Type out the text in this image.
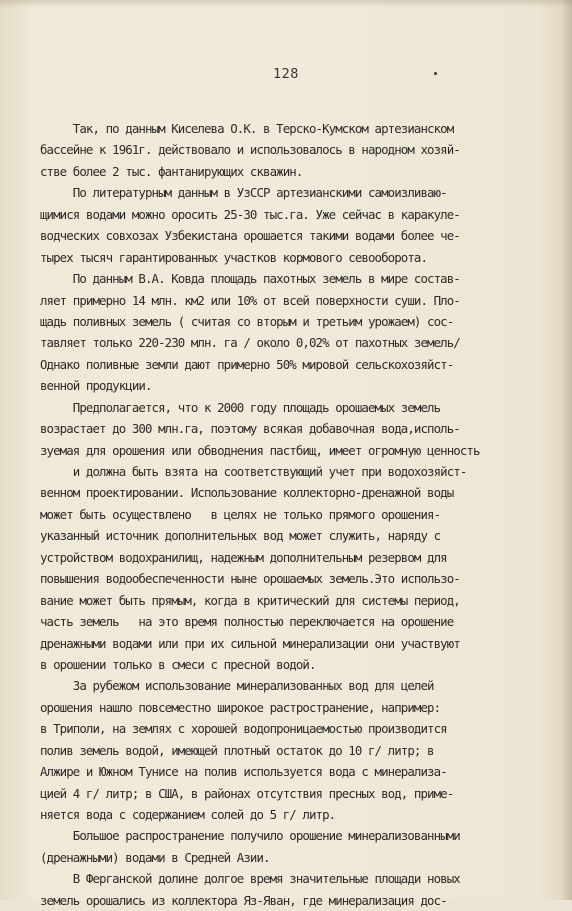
128
Так, по данным Киселева О.К. в Терско-Кумском артезианском
бассейне к 1961г. действовало и использовалось в народном хозяй-
стве более 2 тыс. фантанирующих скважин.
По литературным данным в УзССР артезианскими самоизливаю-
щимися водами можно оросить 25-30 тыс.га. Уже сейчас в каракуле-
водческих совхозах Узбекистана орошается такими водами более че-
тырех тысяч гарантированных участков кормового севооборота.
По данным В.А. Ковда площадь пахотных земель в мире состав-
ляет примерно 14 млн. км2 или 10% от всей поверхности суши. Пло-
щадь поливных земель ( считая со вторым и третьим урожаем) сос-
тавляет только 220-230 млн. га / около 0,02% от пахотных земель/
Однако поливные земли дают примерно 50% мировой сельскохозяйст-
венной продукции.
Предполагается, что к 2000 году площадь орошаемых земель
возрастает до 300 млн.га, поэтому всякая добавочная вода,исполь-
зуемая для орошения или обводнения пастбищ, имеет огромную ценность
и должна быть взята на соответствующий учет при водохозяйст-
венном проектировании. Использование коллекторно-дренажной воды
может быть осуществлено   в целях не только прямого орошения-
указанный источник дополнительных вод может служить, наряду с
устройством водохранилищ, надежным дополнительным резервом для
повышения водообеспеченности ныне орошаемых земель.Это использо-
вание может быть прямым, когда в критический для системы период,
часть земель   на это время полностью переключается на орошение
дренажными водами или при их сильной минерализации они участвуют
в орошении только в смеси с пресной водой.
За рубежом использование минерализованных вод для целей
орошения нашло повсеместно широкое растространение, например:
в Триполи, на землях с хорошей водопроницаемостью производится
полив земель водой, имеющей плотный остаток до 10 г/ литр; в
Алжире и Южном Тунисе на полив используется вода с минерализа-
цией 4 г/ литр; в США, в районах отсутствия пресных вод, приме-
няется вода с содержанием солей до 5 г/ литр.
Большое распространение получило орошение минерализованными
(дренажными) водами в Средней Азии.
В Ферганской долине долгое время значительные площади новых
земель орошались из коллектора Яз-Яван, где минерализация дос-
